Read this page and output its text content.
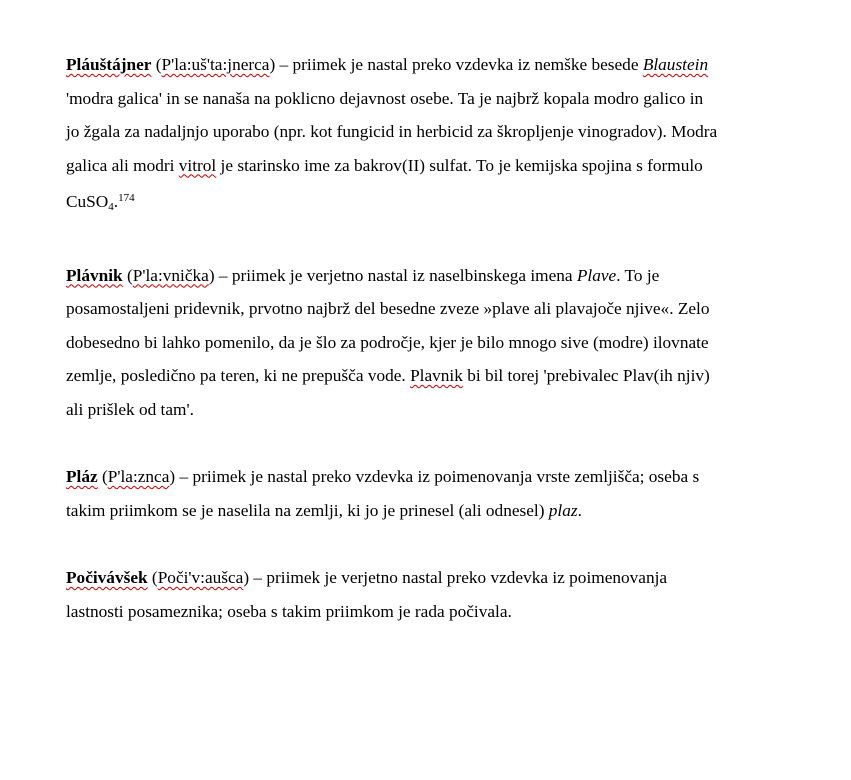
Pláuštájner (P'la:uš'ta:jnerca) – priimek je nastal preko vzdevka iz nemške besede Blaustein
'modra galica' in se nanaša na poklicno dejavnost osebe. Ta je najbrž kopala modro galico in
jo žgala za nadaljnjo uporabo (npr. kot fungicid in herbicid za škropljenje vinogradov). Modra
galica ali modri vitrol je starinsko ime za bakrov(II) sulfat. To je kemijska spojina s formulo
CuSO$_4$.$^{174}$
Plávnik (P'la:vnička) – priimek je verjetno nastal iz naselbinskega imena Plave. To je
posamostaljeni pridevnik, prvotno najbrž del besedne zveze »plave ali plavajoče njive«. Zelo
dobesedno bi lahko pomenilo, da je šlo za področje, kjer je bilo mnogo sive (modre) ilovnate
zemlje, posledično pa teren, ki ne prepušča vode. Plavnik bi bil torej 'prebivalec Plav(ih njiv)
ali prišlek od tam'.
Pláz (P'la:znca) – priimek je nastal preko vzdevka iz poimenovanja vrste zemljišča; oseba s
takim priimkom se je naselila na zemlji, ki jo je prinesel (ali odnesel) plaz.
Počivávšek (Poči'v:aušca) – priimek je verjetno nastal preko vzdevka iz poimenovanja
lastnosti posameznika; oseba s takim priimkom je rada počivala.
